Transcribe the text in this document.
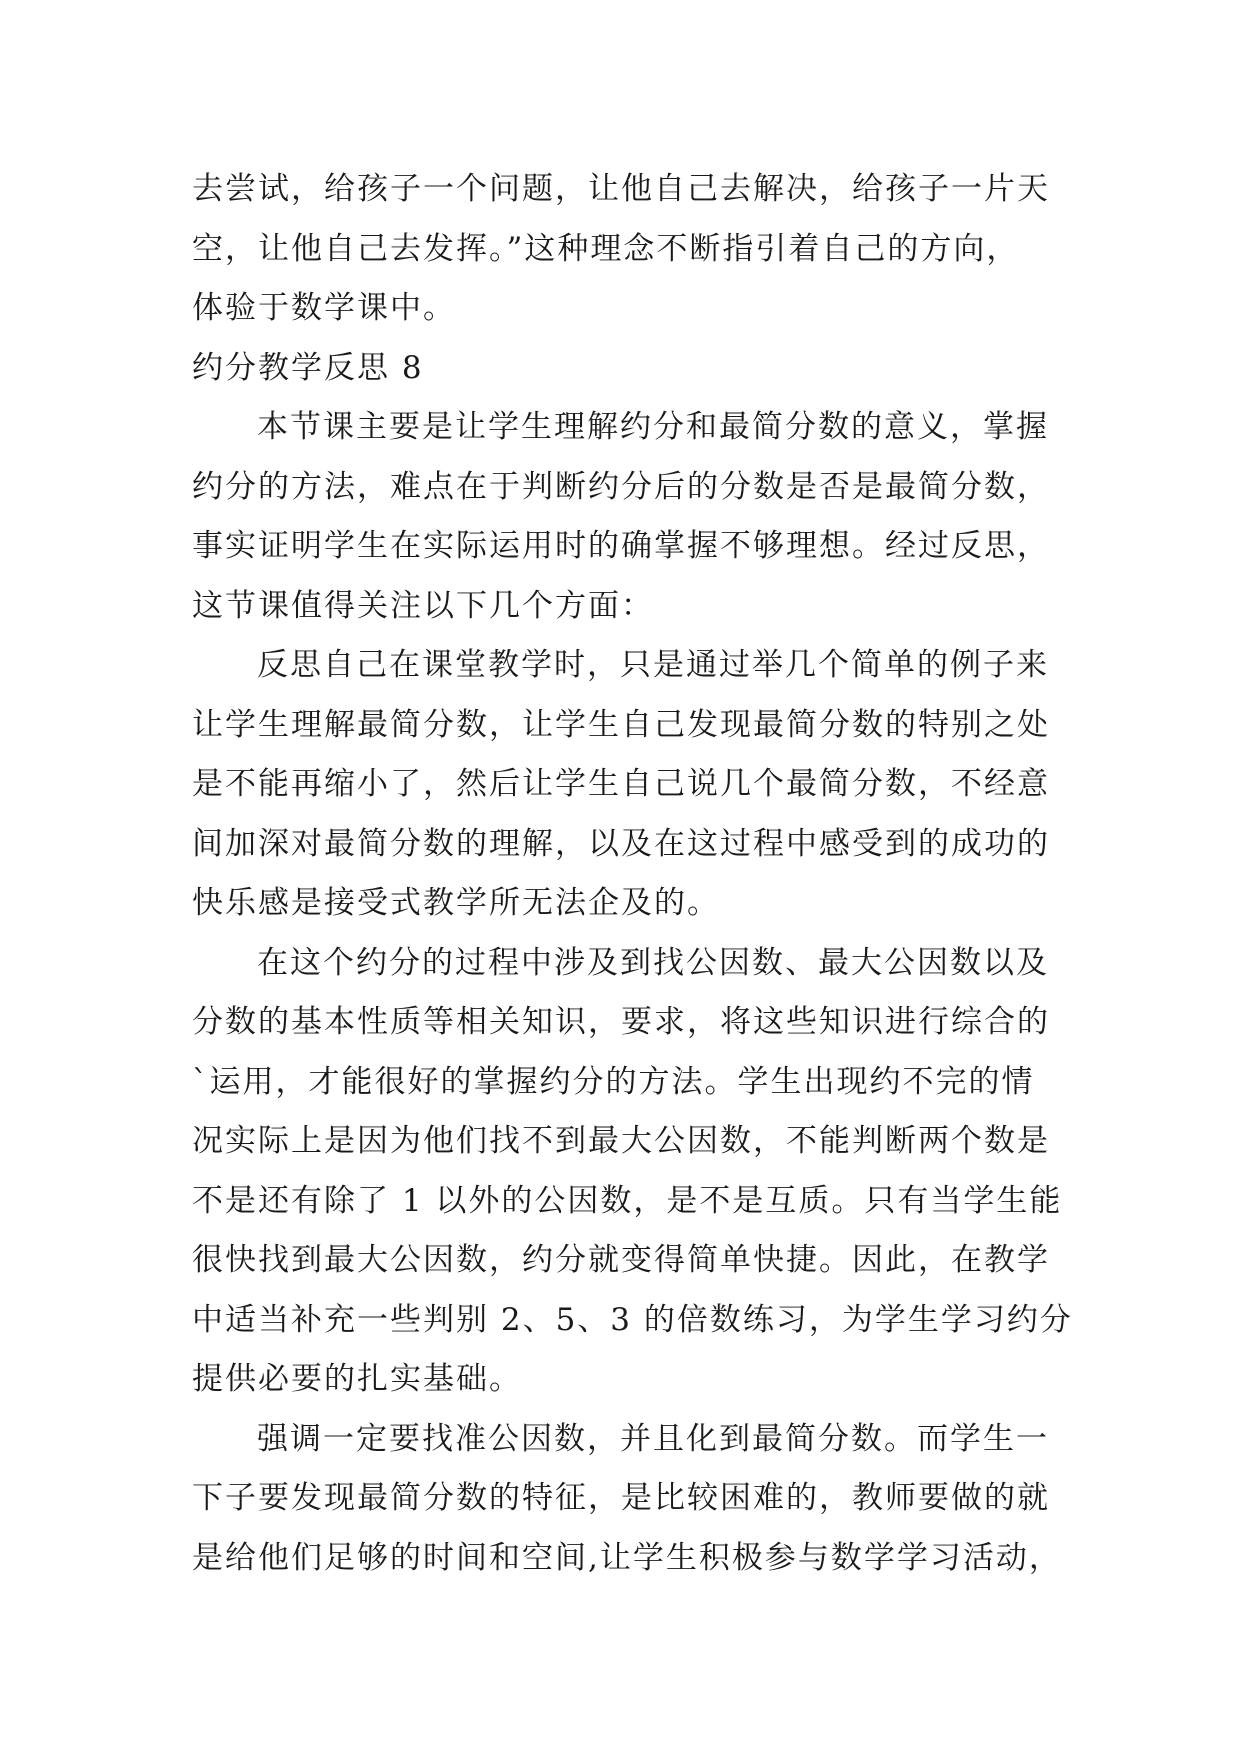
去尝试，给孩子一个问题，让他自己去解决，给孩子一片天
空，让他自己去发挥。”这种理念不断指引着自己的方向，
体验于数学课中。
约分教学反思 8
本节课主要是让学生理解约分和最简分数的意义，掌握
约分的方法，难点在于判断约分后的分数是否是最简分数，
事实证明学生在实际运用时的确掌握不够理想。经过反思，
这节课值得关注以下几个方面：
反思自己在课堂教学时，只是通过举几个简单的例子来
让学生理解最简分数，让学生自己发现最简分数的特别之处
是不能再缩小了，然后让学生自己说几个最简分数，不经意
间加深对最简分数的理解，以及在这过程中感受到的成功的
快乐感是接受式教学所无法企及的。
在这个约分的过程中涉及到找公因数、最大公因数以及
分数的基本性质等相关知识，要求，将这些知识进行综合的
`运用，才能很好的掌握约分的方法。学生出现约不完的情
况实际上是因为他们找不到最大公因数，不能判断两个数是
不是还有除了 1 以外的公因数，是不是互质。只有当学生能
很快找到最大公因数，约分就变得简单快捷。因此，在教学
中适当补充一些判别 2、5、3 的倍数练习，为学生学习约分
提供必要的扎实基础。
强调一定要找准公因数，并且化到最简分数。而学生一
下子要发现最简分数的特征，是比较困难的，教师要做的就
是给他们足够的时间和空间,让学生积极参与数学学习活动，
